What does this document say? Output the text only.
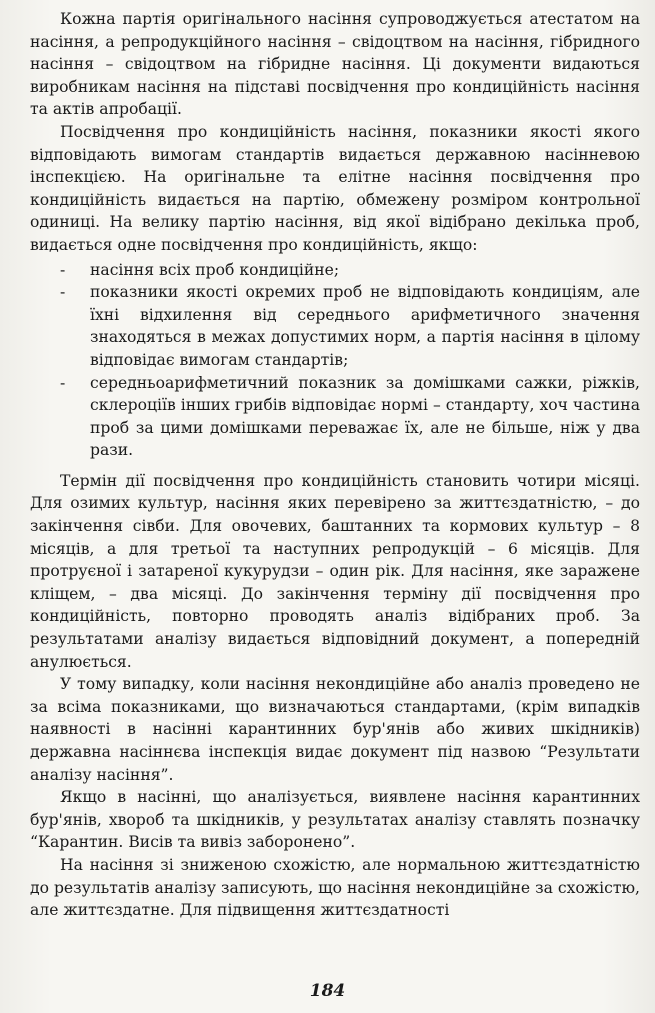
Кожна партія оригінального насіння супроводжується атестатом на насіння, а репродукційного насіння – свідоцтвом на насіння, гібридного насіння – свідоцтвом на гібридне насіння. Ці документи видаються виробникам насіння на підставі посвідчення про кондиційність насіння та актів апробації.

Посвідчення про кондиційність насіння, показники якості якого відповідають вимогам стандартів видається державною насінневою інспекцією. На оригінальне та елітне насіння посвідчення про кондиційність видається на партію, обмежену розміром контрольної одиниці. На велику партію насіння, від якої відібрано декілька проб, видається одне посвідчення про кондиційність, якщо:

- насіння всіх проб кондиційне;
- показники якості окремих проб не відповідають кондиціям, але їхні відхилення від середнього арифметичного значення знаходяться в межах допустимих норм, а партія насіння в цілому відповідає вимогам стандартів;
- середньоарифметичний показник за домішками сажки, ріжків, склероціїв інших грибів відповідає нормі – стандарту, хоч частина проб за цими домішками переважає їх, але не більше, ніж у два рази.

Термін дії посвідчення про кондиційність становить чотири місяці. Для озимих культур, насіння яких перевірено за життєздатністю, – до закінчення сівби. Для овочевих, баштанних та кормових культур – 8 місяців, а для третьої та наступних репродукцій – 6 місяців. Для протруєної і затареної кукурудзи – один рік. Для насіння, яке заражене кліщем, – два місяці. До закінчення терміну дії посвідчення про кондиційність, повторно проводять аналіз відібраних проб. За результатами аналізу видається відповідний документ, а попередній анулюється.

У тому випадку, коли насіння некондиційне або аналіз проведено не за всіма показниками, що визначаються стандартами, (крім випадків наявності в насінні карантинних бур'янів або живих шкідників) державна насіннєва інспекція видає документ під назвою “Результати аналізу насіння”.

Якщо в насінні, що аналізується, виявлене насіння карантинних бур'янів, хвороб та шкідників, у результатах аналізу ставлять позначку “Карантин. Висів та вивіз заборонено”.

На насіння зі зниженою схожістю, але нормальною життєздатністю до результатів аналізу записують, що насіння некондиційне за схожістю, але життєздатне. Для підвищення життєздатності

184
